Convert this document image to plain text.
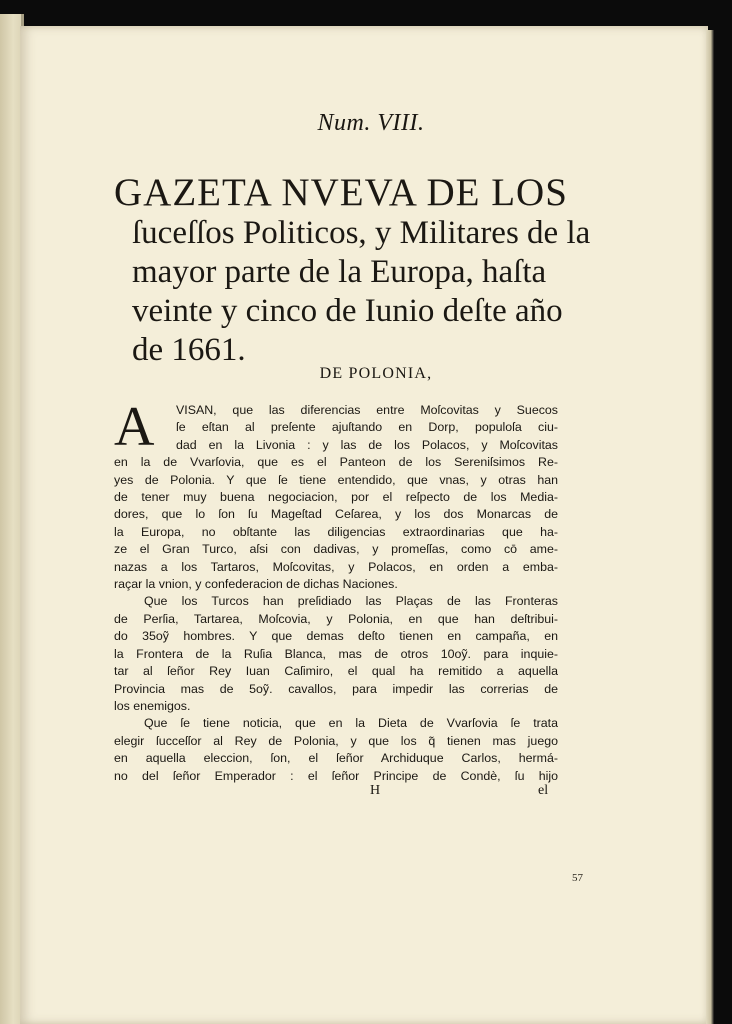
Num. VIII.
GAZETA NVEVA DE LOS
ſuceſſos Politicos, y Militares de la
mayor parte de la Europa, haſta
veinte y cinco de Iunio deſte año
de 1661.
DE POLONIA,
A	VISAN, que las diferencias entre Moſcovitas y Suecos
ſe eſtan al preſente ajuſtando en Dorp, populoſa ciu-
dad en la Livonia : y las de los Polacos, y Moſcovitas
en la de Vvarſovia, que es el Panteon de los Sereniſsimos Re-
yes de Polonia. Y que ſe tiene entendido, que vnas, y otras han
de tener muy buena negociacion, por el reſpecto de los Media-
dores, que lo ſon ſu Mageſtad Ceſarea, y los dos Monarcas de
la Europa, no obſtante las diligencias extraordinarias que ha-
ze el Gran Turco, aſsi con dadivas, y promeſſas, como cō ame-
nazas a los Tartaros, Moſcovitas, y Polacos, en orden a emba-
raçar la vnion, y confederacion de dichas Naciones.
Que los Turcos han preſidiado las Plaças de las Fronteras
de Perſia, Tartarea, Moſcovia, y Polonia, en que han deſtribui-
do 35oỹ hombres. Y que demas deſto tienen en campaña, en
la Frontera de la Ruſia Blanca, mas de otros 10oỹ. para inquie-
tar al ſeñor Rey Iuan Caſimiro, el qual ha remitido a aquella
Provincia mas de 5oỹ. cavallos, para impedir las correrias de
los enemigos.
Que ſe tiene noticia, que en la Dieta de Vvarſovia ſe trata
elegir ſucceſſor al Rey de Polonia, y que los q̃ tienen mas juego
en aquella eleccion, ſon, el ſeñor Archiduque Carlos, hermá-
no del ſeñor Emperador : el ſeñor Principe de Condè, ſu hijo
H	el
57
